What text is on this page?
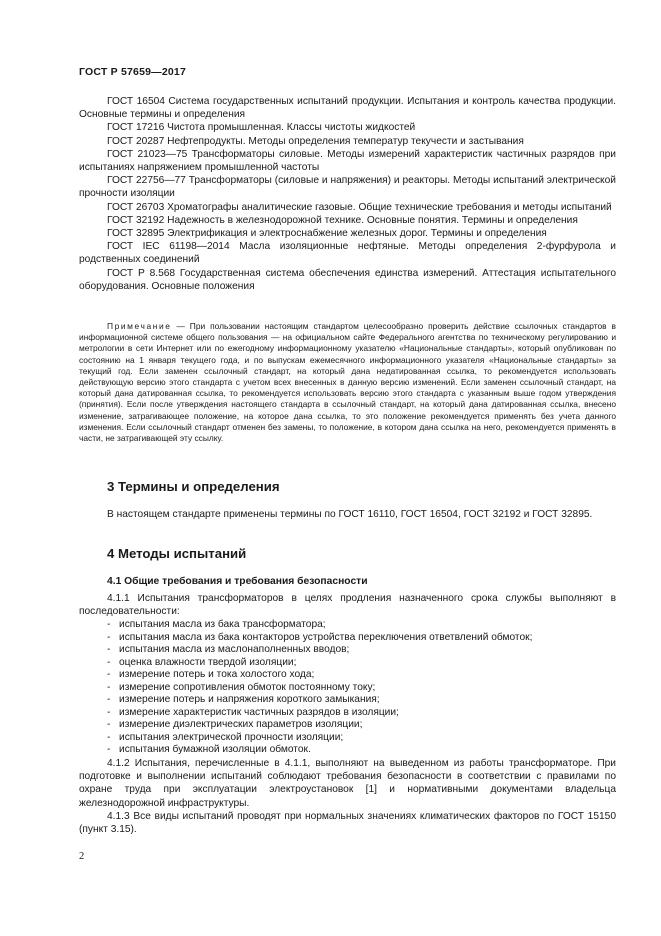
ГОСТ Р 57659—2017

ГОСТ 16504 Система государственных испытаний продукции. Испытания и контроль качества продукции. Основные термины и определения

ГОСТ 17216 Чистота промышленная. Классы чистоты жидкостей

ГОСТ 20287 Нефтепродукты. Методы определения температур текучести и застывания

ГОСТ 21023—75 Трансформаторы силовые. Методы измерений характеристик частичных разрядов при испытаниях напряжением промышленной частоты

ГОСТ 22756—77 Трансформаторы (силовые и напряжения) и реакторы. Методы испытаний электрической прочности изоляции

ГОСТ 26703 Хроматографы аналитические газовые. Общие технические требования и методы испытаний

ГОСТ 32192 Надежность в железнодорожной технике. Основные понятия. Термины и определения

ГОСТ 32895 Электрификация и электроснабжение железных дорог. Термины и определения

ГОСТ IEC 61198—2014 Масла изоляционные нефтяные. Методы определения 2-фурфурола и родственных соединений

ГОСТ Р 8.568 Государственная система обеспечения единства измерений. Аттестация испытательного оборудования. Основные положения

Примечание — При пользовании настоящим стандартом целесообразно проверить действие ссылочных стандартов в информационной системе общего пользования — на официальном сайте Федерального агентства по техническому регулированию и метрологии в сети Интернет или по ежегодному информационному указателю «Национальные стандарты», который опубликован по состоянию на 1 января текущего года, и по выпускам ежемесячного информационного указателя «Национальные стандарты» за текущий год. Если заменен ссылочный стандарт, на который дана недатированная ссылка, то рекомендуется использовать действующую версию этого стандарта с учетом всех внесенных в данную версию изменений. Если заменен ссылочный стандарт, на который дана датированная ссылка, то рекомендуется использовать версию этого стандарта с указанным выше годом утверждения (принятия). Если после утверждения настоящего стандарта в ссылочный стандарт, на который дана датированная ссылка, внесено изменение, затрагивающее положение, на которое дана ссылка, то это положение рекомендуется применять без учета данного изменения. Если ссылочный стандарт отменен без замены, то положение, в котором дана ссылка на него, рекомендуется применять в части, не затрагивающей эту ссылку.

3 Термины и определения

В настоящем стандарте применены термины по ГОСТ 16110, ГОСТ 16504, ГОСТ 32192 и ГОСТ 32895.

4 Методы испытаний
4.1 Общие требования и требования безопасности

4.1.1 Испытания трансформаторов в целях продления назначенного срока службы выполняют в последовательности:

- испытания масла из бака трансформатора;
- испытания масла из бака контакторов устройства переключения ответвлений обмоток;
- испытания масла из маслонаполненных вводов;
- оценка влажности твердой изоляции;
- измерение потерь и тока холостого хода;
- измерение сопротивления обмоток постоянному току;
- измерение потерь и напряжения короткого замыкания;
- измерение характеристик частичных разрядов в изоляции;
- измерение диэлектрических параметров изоляции;
- испытания электрической прочности изоляции;
- испытания бумажной изоляции обмоток.

4.1.2 Испытания, перечисленные в 4.1.1, выполняют на выведенном из работы трансформаторе. При подготовке и выполнении испытаний соблюдают требования безопасности в соответствии с правилами по охране труда при эксплуатации электроустановок [1] и нормативными документами владельца железнодорожной инфраструктуры.

4.1.3 Все виды испытаний проводят при нормальных значениях климатических факторов по ГОСТ 15150 (пункт 3.15).

2
